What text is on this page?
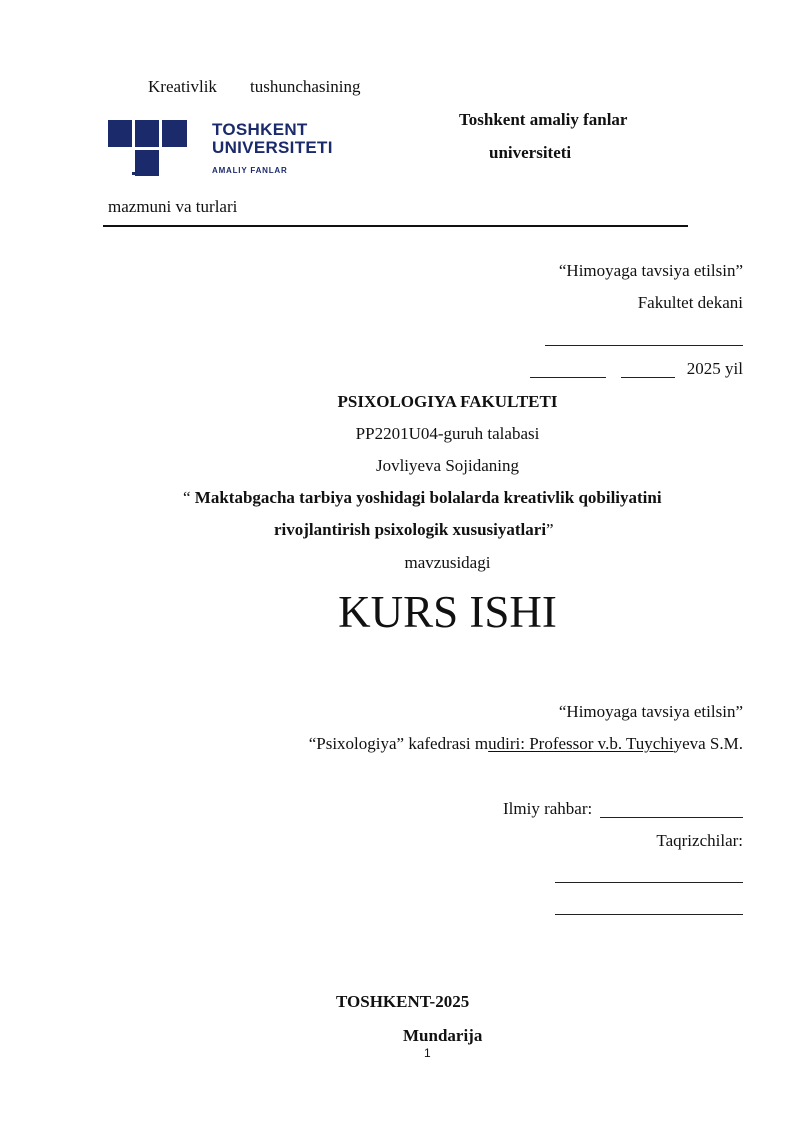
Kreativlik tushunchasining
TOSHKENT
UNIVERSITETI
AMALIY FANLAR
Toshkent amaliy fanlar
universiteti
mazmuni va turlari
“Himoyaga tavsiya etilsin”
Fakultet dekani
2025 yil
PSIXOLOGIYA FAKULTETI
PP2201U04-guruh talabasi
Jovliyeva Sojidaning
“ Maktabgacha tarbiya yoshidagi bolalarda kreativlik qobiliyatini
rivojlantirish psixologik xususiyatlari”
mavzusidagi
KURS ISHI
“Himoyaga tavsiya etilsin”
“Psixologiya” kafedrasi mudiri: Professor v.b. Tuychiyeva S.M.
Ilmiy rahbar:
Taqrizchilar:
TOSHKENT-2025
Mundarija
1
